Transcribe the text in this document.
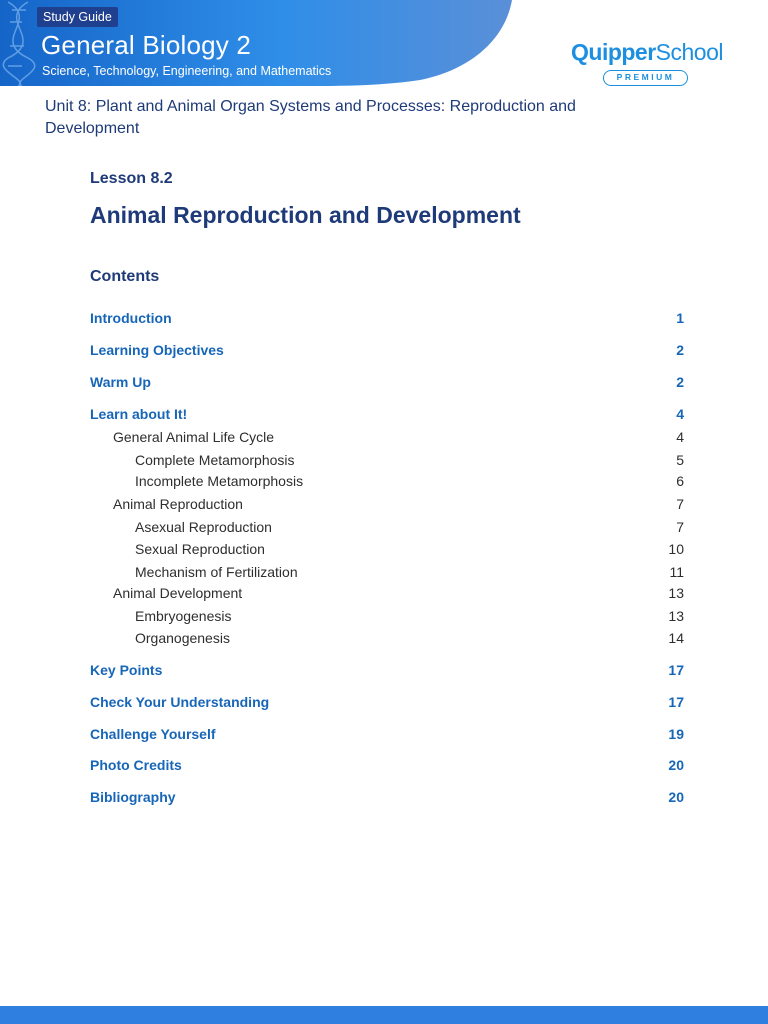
Study Guide
General Biology 2
Science, Technology, Engineering, and Mathematics
QuipperSchool
PREMIUM
Unit 8: Plant and Animal Organ Systems and Processes: Reproduction and Development
Lesson 8.2
Animal Reproduction and Development
Contents
Introduction	1
Learning Objectives	2
Warm Up	2
Learn about It!	4
General Animal Life Cycle	4
Complete Metamorphosis	5
Incomplete Metamorphosis	6
Animal Reproduction	7
Asexual Reproduction	7
Sexual Reproduction	10
Mechanism of Fertilization	11
Animal Development	13
Embryogenesis	13
Organogenesis	14
Key Points	17
Check Your Understanding	17
Challenge Yourself	19
Photo Credits	20
Bibliography	20
